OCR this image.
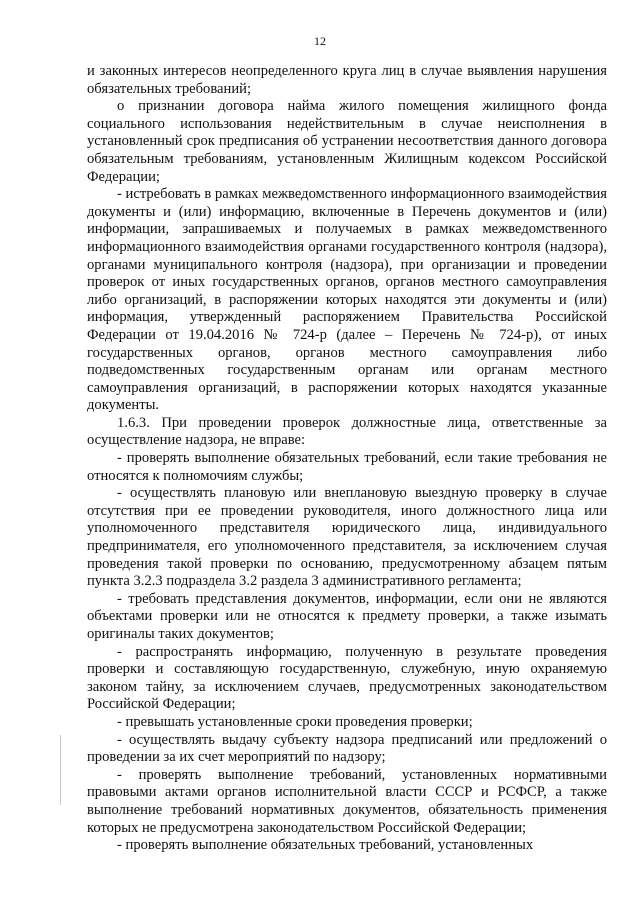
12

и законных интересов неопределенного круга лиц в случае выявления нарушения обязательных требований;

о признании договора найма жилого помещения жилищного фонда социального использования недействительным в случае неисполнения в установленный срок предписания об устранении несоответствия данного договора обязательным требованиям, установленным Жилищным кодексом Российской Федерации;

- истребовать в рамках межведомственного информационного взаимодействия документы и (или) информацию, включенные в Перечень документов и (или) информации, запрашиваемых и получаемых в рамках межведомственного информационного взаимодействия органами государственного контроля (надзора), органами муниципального контроля (надзора), при организации и проведении проверок от иных государственных органов, органов местного самоуправления либо организаций, в распоряжении которых находятся эти документы и (или) информация, утвержденный распоряжением Правительства Российской Федерации от 19.04.2016 № 724-р (далее – Перечень № 724-р), от иных государственных органов, органов местного самоуправления либо подведомственных государственным органам или органам местного самоуправления организаций, в распоряжении которых находятся указанные документы.

1.6.3. При проведении проверок должностные лица, ответственные за осуществление надзора, не вправе:

- проверять выполнение обязательных требований, если такие требования не относятся к полномочиям службы;

- осуществлять плановую или внеплановую выездную проверку в случае отсутствия при ее проведении руководителя, иного должностного лица или уполномоченного представителя юридического лица, индивидуального предпринимателя, его уполномоченного представителя, за исключением случая проведения такой проверки по основанию, предусмотренному абзацем пятым пункта 3.2.3 подраздела 3.2 раздела 3 административного регламента;

- требовать представления документов, информации, если они не являются объектами проверки или не относятся к предмету проверки, а также изымать оригиналы таких документов;

- распространять информацию, полученную в результате проведения проверки и составляющую государственную, служебную, иную охраняемую законом тайну, за исключением случаев, предусмотренных законодательством Российской Федерации;

- превышать установленные сроки проведения проверки;

- осуществлять выдачу субъекту надзора предписаний или предложений о проведении за их счет мероприятий по надзору;

- проверять выполнение требований, установленных нормативными правовыми актами органов исполнительной власти СССР и РСФСР, а также выполнение требований нормативных документов, обязательность применения которых не предусмотрена законодательством Российской Федерации;

- проверять выполнение обязательных требований, установленных
